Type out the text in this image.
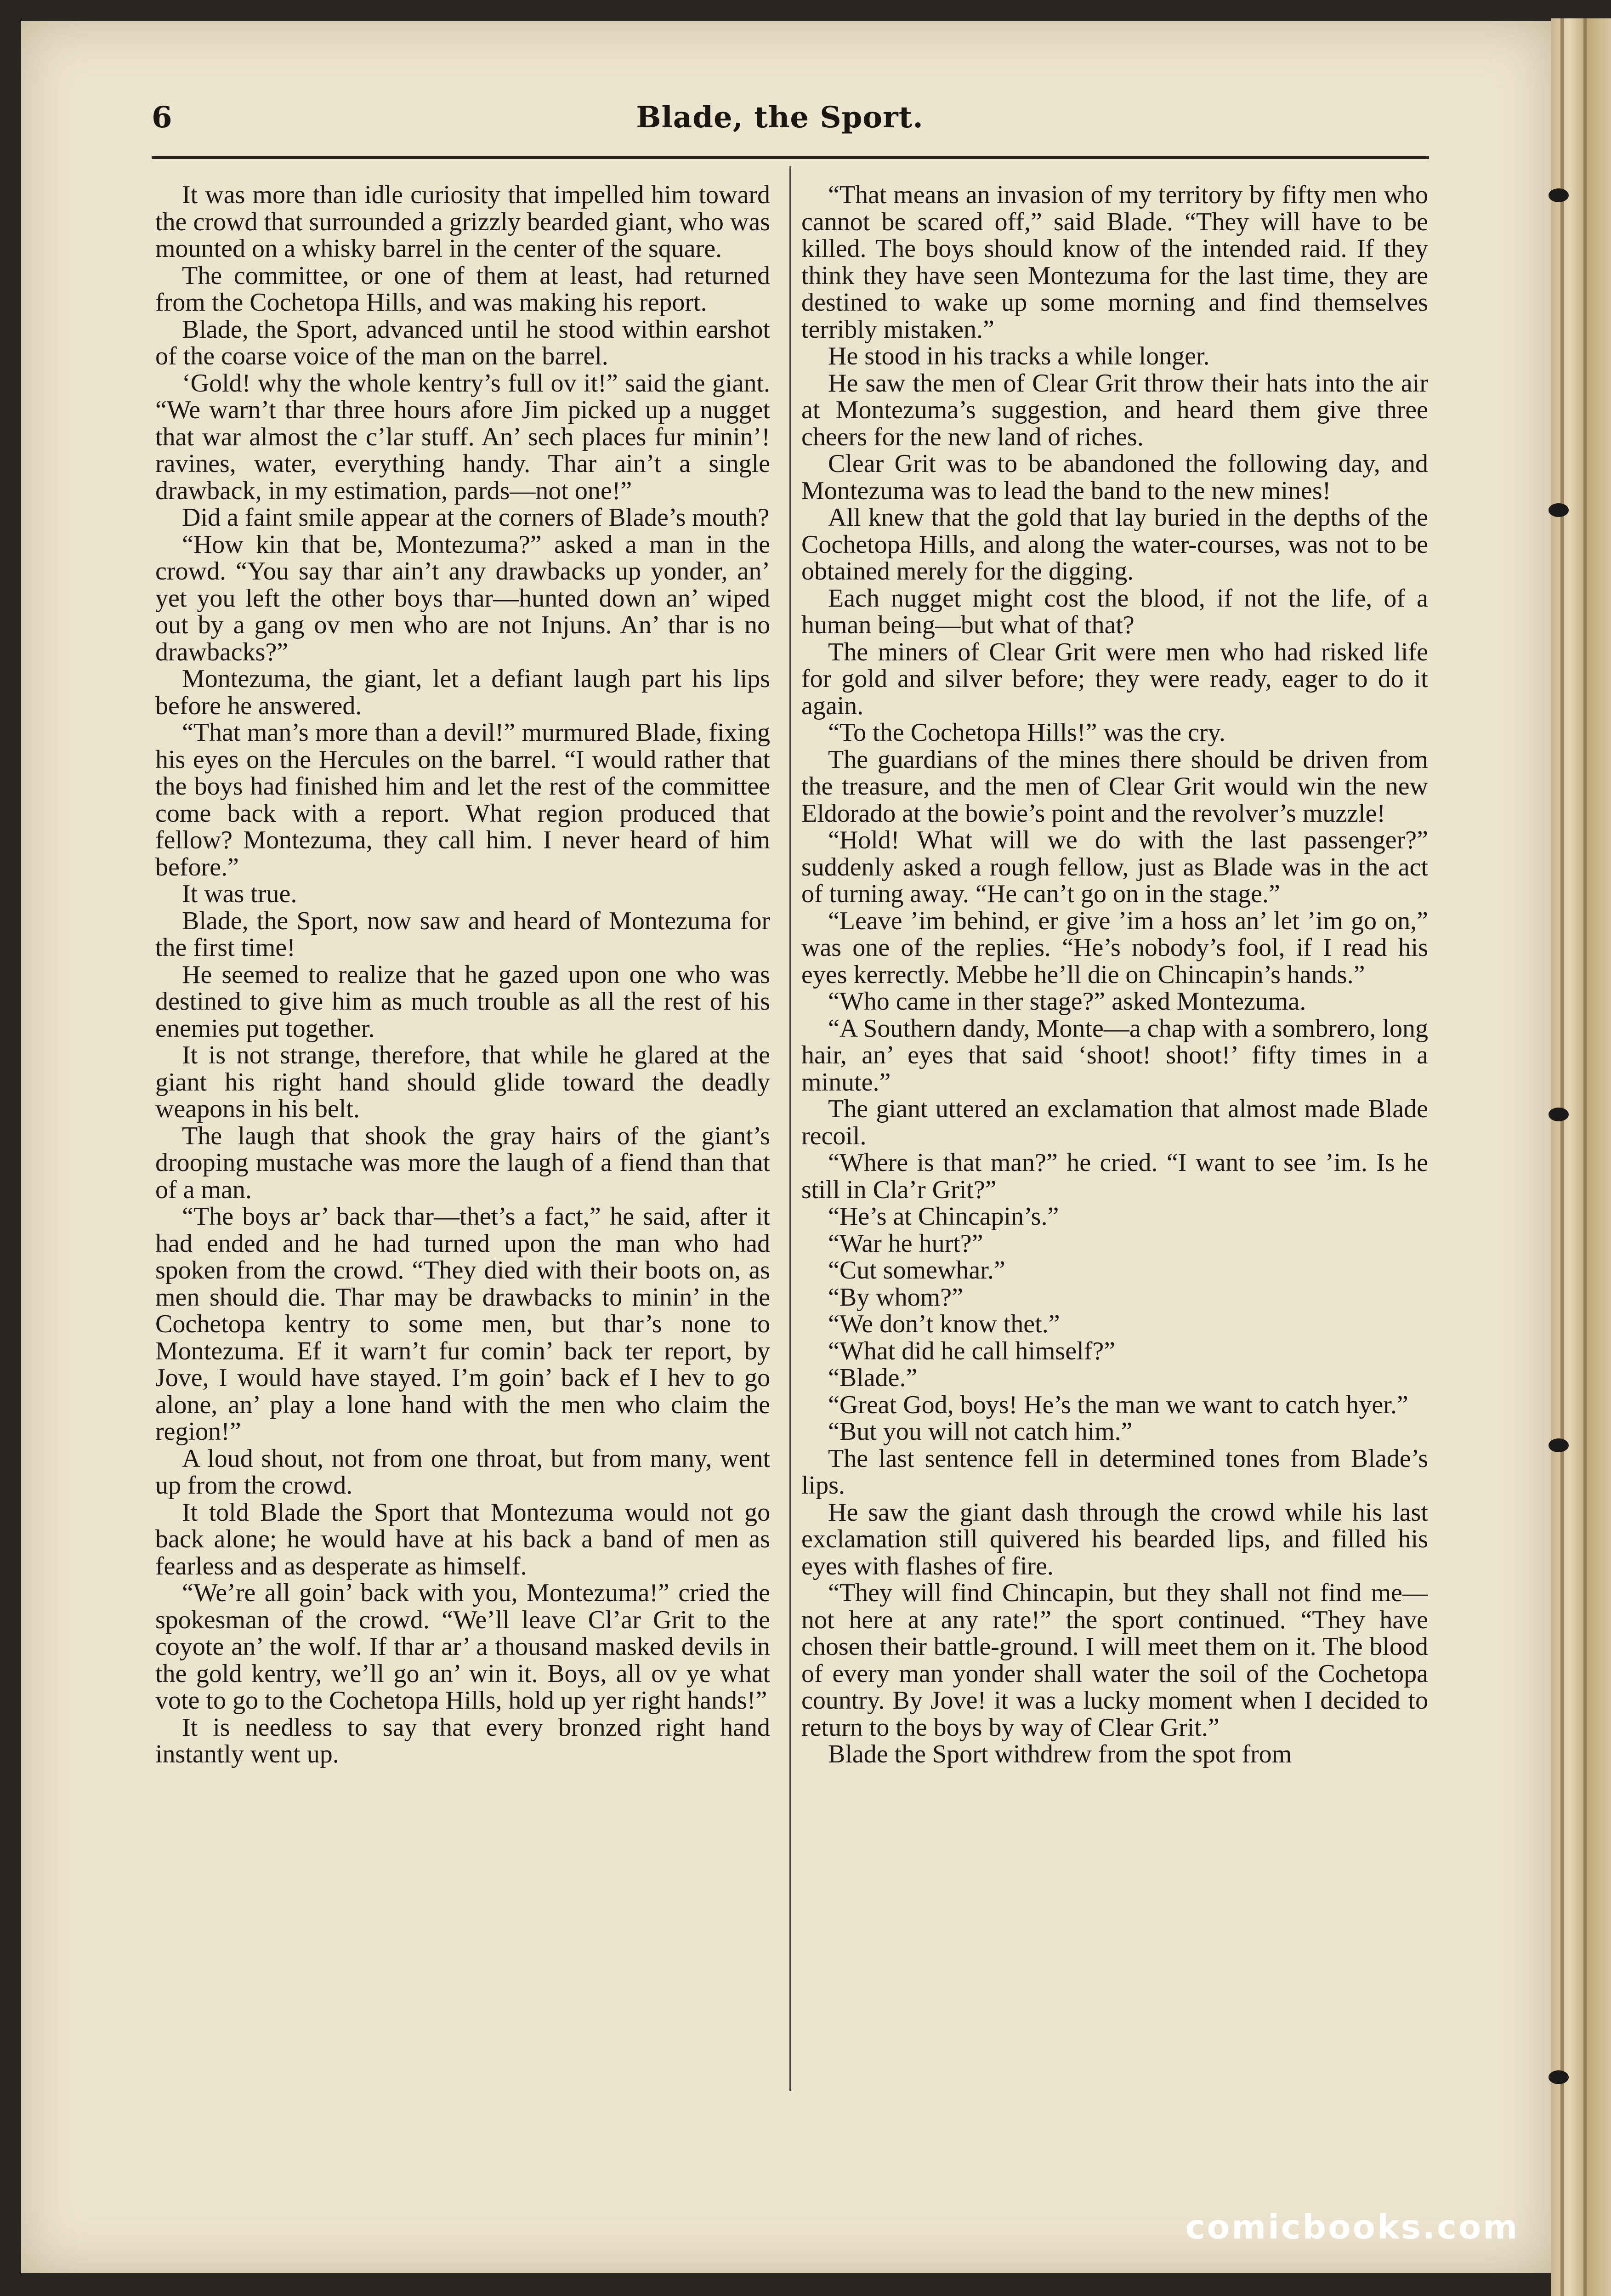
6	Blade, the Sport.

It was more than idle curiosity that impelled him toward the crowd that surrounded a grizzly bearded giant, who was mounted on a whisky barrel in the center of the square.

The committee, or one of them at least, had returned from the Cochetopa Hills, and was making his report.

Blade, the Sport, advanced until he stood within earshot of the coarse voice of the man on the barrel.

‘Gold! why the whole kentry’s full ov it!” said the giant. “We warn’t thar three hours afore Jim picked up a nugget that war almost the c’lar stuff. An’ sech places fur minin’! ravines, water, everything handy. Thar ain’t a single drawback, in my estimation, pards—not one!”

Did a faint smile appear at the corners of Blade’s mouth?

“How kin that be, Montezuma?” asked a man in the crowd. “You say thar ain’t any drawbacks up yonder, an’ yet you left the other boys thar—hunted down an’ wiped out by a gang ov men who are not Injuns. An’ thar is no drawbacks?”

Montezuma, the giant, let a defiant laugh part his lips before he answered.

“That man’s more than a devil!” murmured Blade, fixing his eyes on the Hercules on the barrel. “I would rather that the boys had finished him and let the rest of the committee come back with a report. What region produced that fellow? Montezuma, they call him. I never heard of him before.”

It was true.

Blade, the Sport, now saw and heard of Montezuma for the first time!

He seemed to realize that he gazed upon one who was destined to give him as much trouble as all the rest of his enemies put together.

It is not strange, therefore, that while he glared at the giant his right hand should glide toward the deadly weapons in his belt.

The laugh that shook the gray hairs of the giant’s drooping mustache was more the laugh of a fiend than that of a man.

“The boys ar’ back thar—thet’s a fact,” he said, after it had ended and he had turned upon the man who had spoken from the crowd. “They died with their boots on, as men should die. Thar may be drawbacks to minin’ in the Cochetopa kentry to some men, but thar’s none to Montezuma. Ef it warn’t fur comin’ back ter report, by Jove, I would have stayed. I’m goin’ back ef I hev to go alone, an’ play a lone hand with the men who claim the region!”

A loud shout, not from one throat, but from many, went up from the crowd.

It told Blade the Sport that Montezuma would not go back alone; he would have at his back a band of men as fearless and as desperate as himself.

“We’re all goin’ back with you, Montezuma!” cried the spokesman of the crowd. “We’ll leave Cl’ar Grit to the coyote an’ the wolf. If thar ar’ a thousand masked devils in the gold kentry, we’ll go an’ win it. Boys, all ov ye what vote to go to the Cochetopa Hills, hold up yer right hands!”

It is needless to say that every bronzed right hand instantly went up.

“That means an invasion of my territory by fifty men who cannot be scared off,” said Blade. “They will have to be killed. The boys should know of the intended raid. If they think they have seen Montezuma for the last time, they are destined to wake up some morning and find themselves terribly mistaken.”

He stood in his tracks a while longer.

He saw the men of Clear Grit throw their hats into the air at Montezuma’s suggestion, and heard them give three cheers for the new land of riches.

Clear Grit was to be abandoned the following day, and Montezuma was to lead the band to the new mines!

All knew that the gold that lay buried in the depths of the Cochetopa Hills, and along the water-courses, was not to be obtained merely for the digging.

Each nugget might cost the blood, if not the life, of a human being—but what of that?

The miners of Clear Grit were men who had risked life for gold and silver before; they were ready, eager to do it again.

“To the Cochetopa Hills!” was the cry.

The guardians of the mines there should be driven from the treasure, and the men of Clear Grit would win the new Eldorado at the bowie’s point and the revolver’s muzzle!

“Hold! What will we do with the last passenger?” suddenly asked a rough fellow, just as Blade was in the act of turning away. “He can’t go on in the stage.”

“Leave ’im behind, er give ’im a hoss an’ let ’im go on,” was one of the replies. “He’s nobody’s fool, if I read his eyes kerrectly. Mebbe he’ll die on Chincapin’s hands.”

“Who came in ther stage?” asked Montezuma.

“A Southern dandy, Monte—a chap with a sombrero, long hair, an’ eyes that said ‘shoot! shoot!’ fifty times in a minute.”

The giant uttered an exclamation that almost made Blade recoil.

“Where is that man?” he cried. “I want to see ’im. Is he still in Cla’r Grit?”

“He’s at Chincapin’s.”

“War he hurt?”

“Cut somewhar.”

“By whom?”

“We don’t know thet.”

“What did he call himself?”

“Blade.”

“Great God, boys! He’s the man we want to catch hyer.”

“But you will not catch him.”

The last sentence fell in determined tones from Blade’s lips.

He saw the giant dash through the crowd while his last exclamation still quivered his bearded lips, and filled his eyes with flashes of fire.

“They will find Chincapin, but they shall not find me—not here at any rate!” the sport continued. “They have chosen their battle-ground. I will meet them on it. The blood of every man yonder shall water the soil of the Cochetopa country. By Jove! it was a lucky moment when I decided to return to the boys by way of Clear Grit.”

Blade the Sport withdrew from the spot from

comicbooks.com
